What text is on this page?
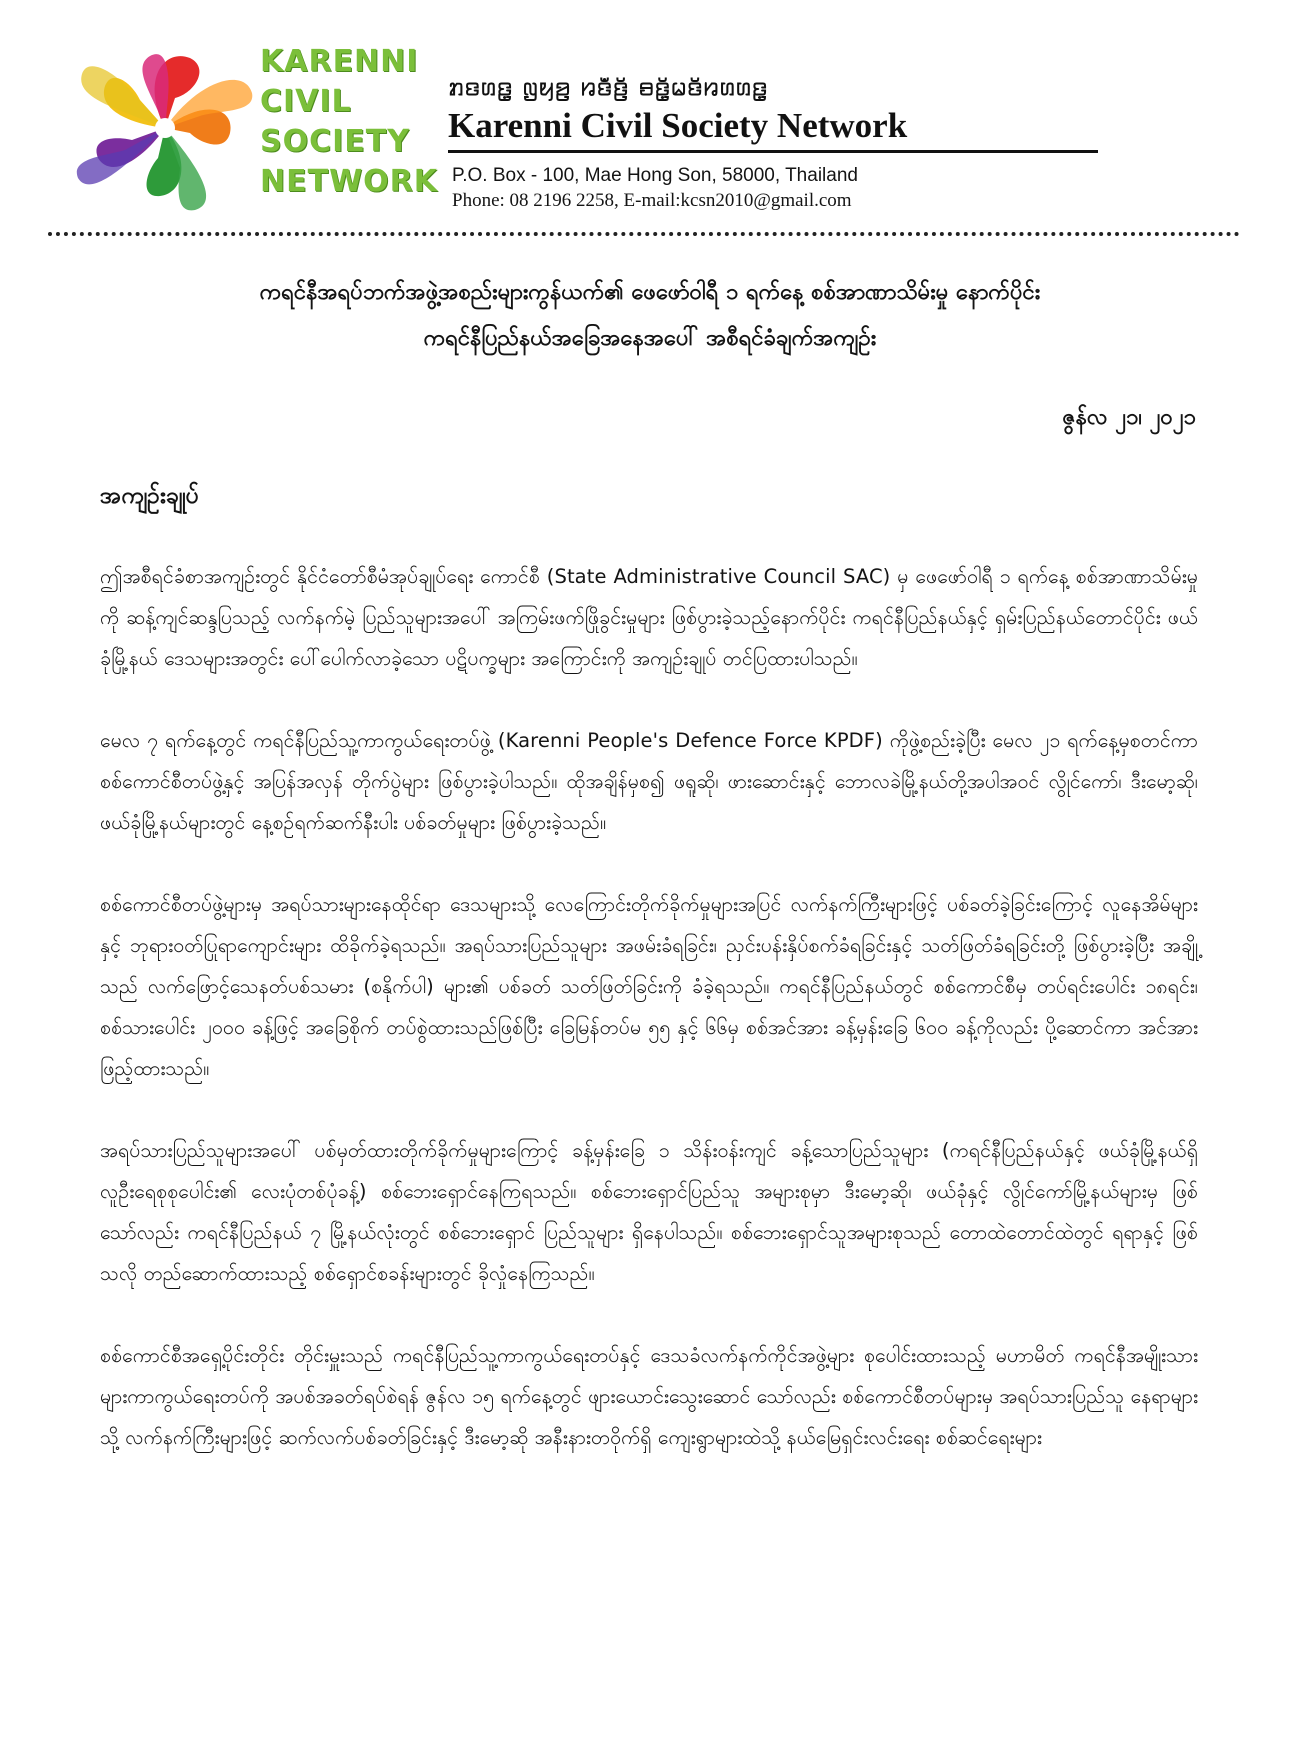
KARENNI
CIVIL
SOCIETY
NETWORK
ꤊꤢꤛꤢ꤭ ꤜꤟꤤ꤬ ꤙꤢꤪꤢꤩ꤬ ꤋꤢꤩ꤭ꤗꤢꤩꤙꤛꤛꤢ꤭
Karenni Civil Society Network
P.O. Box - 100, Mae Hong Son, 58000, Thailand
Phone: 08 2196 2258, E-mail:kcsn2010@gmail.com
ကရင်နီအရပ်ဘက်အဖွဲ့အစည်းများကွန်ယက်၏ ဖေဖော်ဝါရီ ၁ ရက်နေ့ စစ်အာဏာသိမ်းမှု နောက်ပိုင်း
ကရင်နီပြည်နယ်အခြေအနေအပေါ် အစီရင်ခံချက်အကျဉ်း
ဇွန်လ ၂၁၊ ၂၀၂၁
အကျဉ်းချုပ်

ဤအစီရင်ခံစာအကျဉ်းတွင် နိုင်ငံတော်စီမံအုပ်ချုပ်ရေး ကောင်စီ (State Administrative Council SAC) မှ ဖေဖော်ဝါရီ ၁ ရက်နေ့ စစ်အာဏာသိမ်းမှုကို ဆန့်ကျင်ဆန္ဒပြသည့် လက်နက်မဲ့ ပြည်သူများအပေါ် အကြမ်းဖက်ဖြိုခွင်းမှုများ ဖြစ်ပွားခဲ့သည့်နောက်ပိုင်း ကရင်နီပြည်နယ်နှင့် ရှမ်းပြည်နယ်တောင်ပိုင်း ဖယ်ခုံမြို့နယ် ဒေသများအတွင်း ပေါ်ပေါက်လာခဲ့သော ပဋိပက္ခများ အကြောင်းကို အကျဉ်းချုပ် တင်ပြထားပါသည်။

မေလ ၇ ရက်နေ့တွင် ကရင်နီပြည်သူ့ကာကွယ်ရေးတပ်ဖွဲ့ (Karenni People's Defence Force KPDF) ကိုဖွဲ့စည်းခဲ့ပြီး မေလ ၂၁ ရက်နေ့မှစတင်ကာ စစ်ကောင်စီတပ်ဖွဲ့နှင့် အပြန်အလှန် တိုက်ပွဲများ ဖြစ်ပွားခဲ့ပါသည်။ ထိုအချိန်မှစ၍ ဖရူဆို၊ ဖားဆောင်းနှင့် ဘောလခဲမြို့နယ်တို့အပါအဝင် လွိုင်ကော်၊ ဒီးမော့ဆို၊ ဖယ်ခုံမြို့နယ်များတွင် နေ့စဉ်ရက်ဆက်နီးပါး ပစ်ခတ်မှုများ ဖြစ်ပွားခဲ့သည်။

စစ်ကောင်စီတပ်ဖွဲ့များမှ အရပ်သားများနေထိုင်ရာ ဒေသများသို့ လေကြောင်းတိုက်ခိုက်မှုများအပြင် လက်နက်ကြီးများဖြင့် ပစ်ခတ်ခဲ့ခြင်းကြောင့် လူနေအိမ်များနှင့် ဘုရားဝတ်ပြုရာကျောင်းများ ထိခိုက်ခဲ့ရသည်။ အရပ်သားပြည်သူများ အဖမ်းခံရခြင်း၊ ညှင်းပန်းနှိပ်စက်ခံရခြင်းနှင့် သတ်ဖြတ်ခံရခြင်းတို့ ဖြစ်ပွားခဲ့ပြီး အချို့သည် လက်ဖြောင့်သေနတ်ပစ်သမား (စနိုက်ပါ) များ၏ ပစ်ခတ် သတ်ဖြတ်ခြင်းကို ခံခဲ့ရသည်။ ကရင်နီပြည်နယ်တွင် စစ်ကောင်စီမှ တပ်ရင်းပေါင်း ၁၈ရင်း၊ စစ်သားပေါင်း ၂၀၀၀ ခန့်ဖြင့် အခြေစိုက် တပ်စွဲထားသည်ဖြစ်ပြီး ခြေမြန်တပ်မ ၅၅ နှင့် ၆၆မှ စစ်အင်အား ခန့်မှန်းခြေ ၆၀၀ ခန့်ကိုလည်း ပို့ဆောင်ကာ အင်အားဖြည့်ထားသည်။

အရပ်သားပြည်သူများအပေါ် ပစ်မှတ်ထားတိုက်ခိုက်မှုများကြောင့် ခန့်မှန်းခြေ ၁ သိန်းဝန်းကျင် ခန့်သောပြည်သူများ (ကရင်နီပြည်နယ်နှင့် ဖယ်ခုံမြို့နယ်ရှိ လူဦးရေစုစုပေါင်း၏ လေးပုံတစ်ပုံခန့်) စစ်ဘေးရှောင်နေကြရသည်။ စစ်ဘေးရှောင်ပြည်သူ အများစုမှာ ဒီးမော့ဆို၊ ဖယ်ခုံနှင့် လွိုင်ကော်မြို့နယ်များမှ ဖြစ်သော်လည်း ကရင်နီပြည်နယ် ၇ မြို့နယ်လုံးတွင် စစ်ဘေးရှောင် ပြည်သူများ ရှိနေပါသည်။ စစ်ဘေးရှောင်သူအများစုသည် တောထဲတောင်ထဲတွင် ရရာနှင့် ဖြစ်သလို တည်ဆောက်ထားသည့် စစ်ရှောင်စခန်းများတွင် ခိုလှုံနေကြသည်။

စစ်ကောင်စီအရှေ့ပိုင်းတိုင်း တိုင်းမှူးသည် ကရင်နီပြည်သူ့ကာကွယ်ရေးတပ်နှင့် ဒေသခံလက်နက်ကိုင်အဖွဲ့များ စုပေါင်းထားသည့် မဟာမိတ် ကရင်နီအမျိုးသားများကာကွယ်ရေးတပ်ကို အပစ်အခတ်ရပ်စဲရန် ဇွန်လ ၁၅ ရက်နေ့တွင် ဖျားယောင်းသွေးဆောင် သော်လည်း စစ်ကောင်စီတပ်များမှ အရပ်သားပြည်သူ နေရာများသို့ လက်နက်ကြီးများဖြင့် ဆက်လက်ပစ်ခတ်ခြင်းနှင့် ဒီးမော့ဆို အနီးနားတဝိုက်ရှိ ကျေးရွာများထဲသို့ နယ်မြေရှင်းလင်းရေး စစ်ဆင်ရေးများ
